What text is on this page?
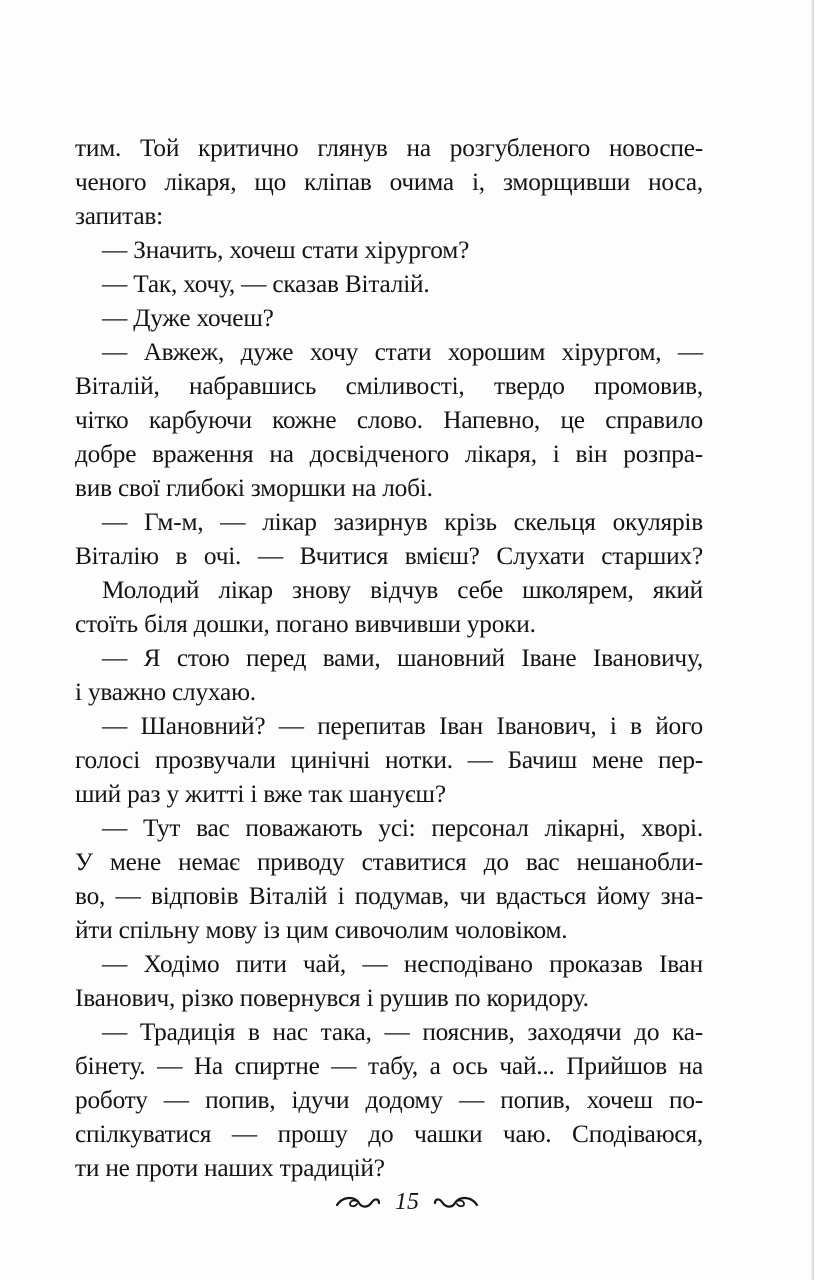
тим. Той критично глянув на розгубленого новоспе-
ченого лікаря, що кліпав очима і, зморщивши носа,
запитав:
— Значить, хочеш стати хірургом?
— Так, хочу, — сказав Віталій.
— Дуже хочеш?
— Авжеж, дуже хочу стати хорошим хірургом, —
Віталій, набравшись сміливості, твердо промовив,
чітко карбуючи кожне слово. Напевно, це справило
добре враження на досвідченого лікаря, і він розпра-
вив свої глибокі зморшки на лобі.
— Гм-м, — лікар зазирнув крізь скельця окулярів
Віталію в очі. — Вчитися вмієш? Слухати старших?
Молодий лікар знову відчув себе школярем, який
стоїть біля дошки, погано вивчивши уроки.
— Я стою перед вами, шановний Іване Івановичу,
і уважно слухаю.
— Шановний? — перепитав Іван Іванович, і в його
голосі прозвучали цинічні нотки. — Бачиш мене пер-
ший раз у житті і вже так шануєш?
— Тут вас поважають усі: персонал лікарні, хворі.
У мене немає приводу ставитися до вас нешанобли-
во, — відповів Віталій і подумав, чи вдасться йому зна-
йти спільну мову із цим сивочолим чоловіком.
— Ходімо пити чай, — несподівано проказав Іван
Іванович, різко повернувся і рушив по коридору.
— Традиція в нас така, — пояснив, заходячи до ка-
бінету. — На спиртне — табу, а ось чай... Прийшов на
роботу — попив, ідучи додому — попив, хочеш по-
спілкуватися — прошу до чашки чаю. Сподіваюся,
ти не проти наших традицій?
15
